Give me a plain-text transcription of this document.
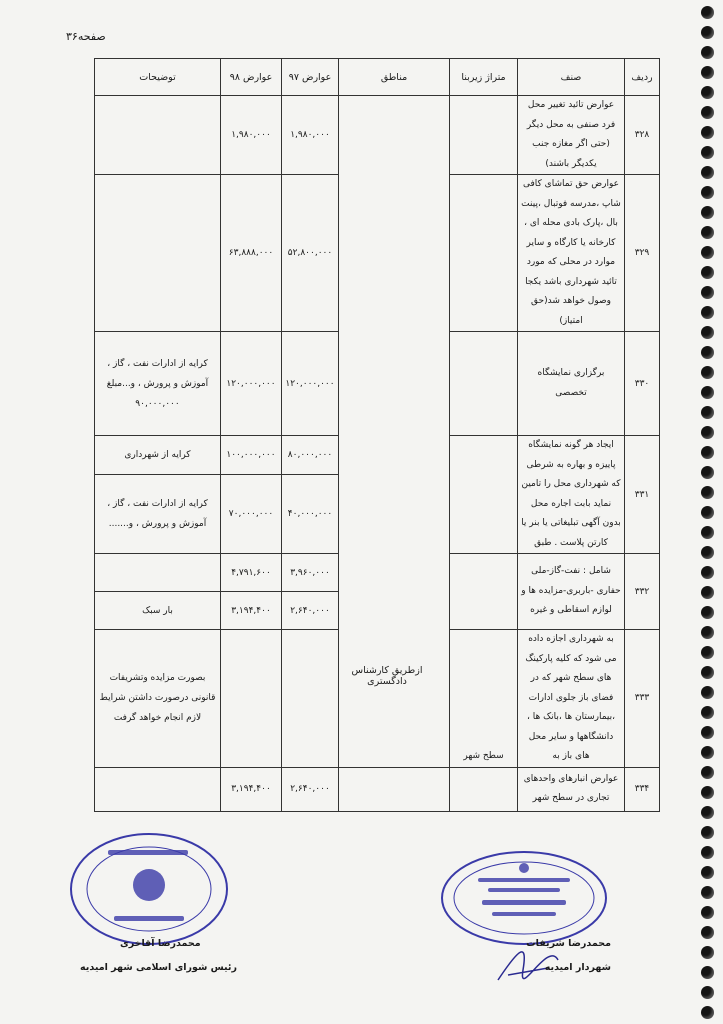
صفحه۳۶
ردیف	صنف	متراژ زیربنا	مناطق	عوارض ۹۷	عوارض ۹۸	توضیحات
۳۲۸	عوارض تائید تغییر محل فرد صنفی به محل دیگر (حتی اگر مغازه جنب یکدیگر باشند)			۱,۹۸۰,۰۰۰	۱,۹۸۰,۰۰۰	
۳۲۹	عوارض حق تماشای کافی شاپ ،مدرسه فوتبال ،پینت بال ،پارک بادی محله ای ، کارخانه یا کارگاه و سایر موارد در محلی که مورد تائید شهرداری باشد یکجا وصول خواهد شد(حق امتیاز)			۵۲,۸۰۰,۰۰۰	۶۳,۸۸۸,۰۰۰	
۳۳۰	برگزاری نمایشگاه تخصصی			۱۲۰,۰۰۰,۰۰۰	۱۲۰,۰۰۰,۰۰۰	کرایه از ادارات نفت ، گاز ، آموزش و پرورش ، و...مبلغ ۹۰,۰۰۰,۰۰۰
۳۳۱	ایجاد هر گونه نمایشگاه پاییزه و بهاره به شرطی که شهرداری محل را تامین نماید بابت اجاره محل بدون آگهی تبلیغاتی یا بنر یا کارتن پلاست . طبق			۸۰,۰۰۰,۰۰۰	۱۰۰,۰۰۰,۰۰۰	کرایه از شهرداری
				۴۰,۰۰۰,۰۰۰	۷۰,۰۰۰,۰۰۰	کرایه از ادارات نفت ، گاز ، آموزش و پرورش ، و.......
۳۳۲	شامل : نفت-گاز-ملی حفاری -باربری-مزایده ها و لوازم اسقاطی و غیره			۳,۹۶۰,۰۰۰	۴,۷۹۱,۶۰۰	
				۲,۶۴۰,۰۰۰	۳,۱۹۴,۴۰۰	بار سبک
۳۳۳	به شهرداری اجازه داده می شود که کلیه پارکینگ های سطح شهر که در فضای باز جلوی ادارات ،بیمارستان ها ،بانک ها ، دانشگاهها و سایر محل های باز به	سطح شهر				بصورت مزایده وتشریفات قانونی درصورت داشتن شرایط لازم انجام خواهد گرفت
۳۳۴	عوارض انبارهای واحدهای تجاری در سطح شهر			۲,۶۴۰,۰۰۰	۳,۱۹۴,۴۰۰	
ازطریق کارشناس دادگستری
محمدرضا شریفات
شهردار امیدیه
محمدرضا آقاخری
رئیس شورای اسلامی شهر امیدیه
